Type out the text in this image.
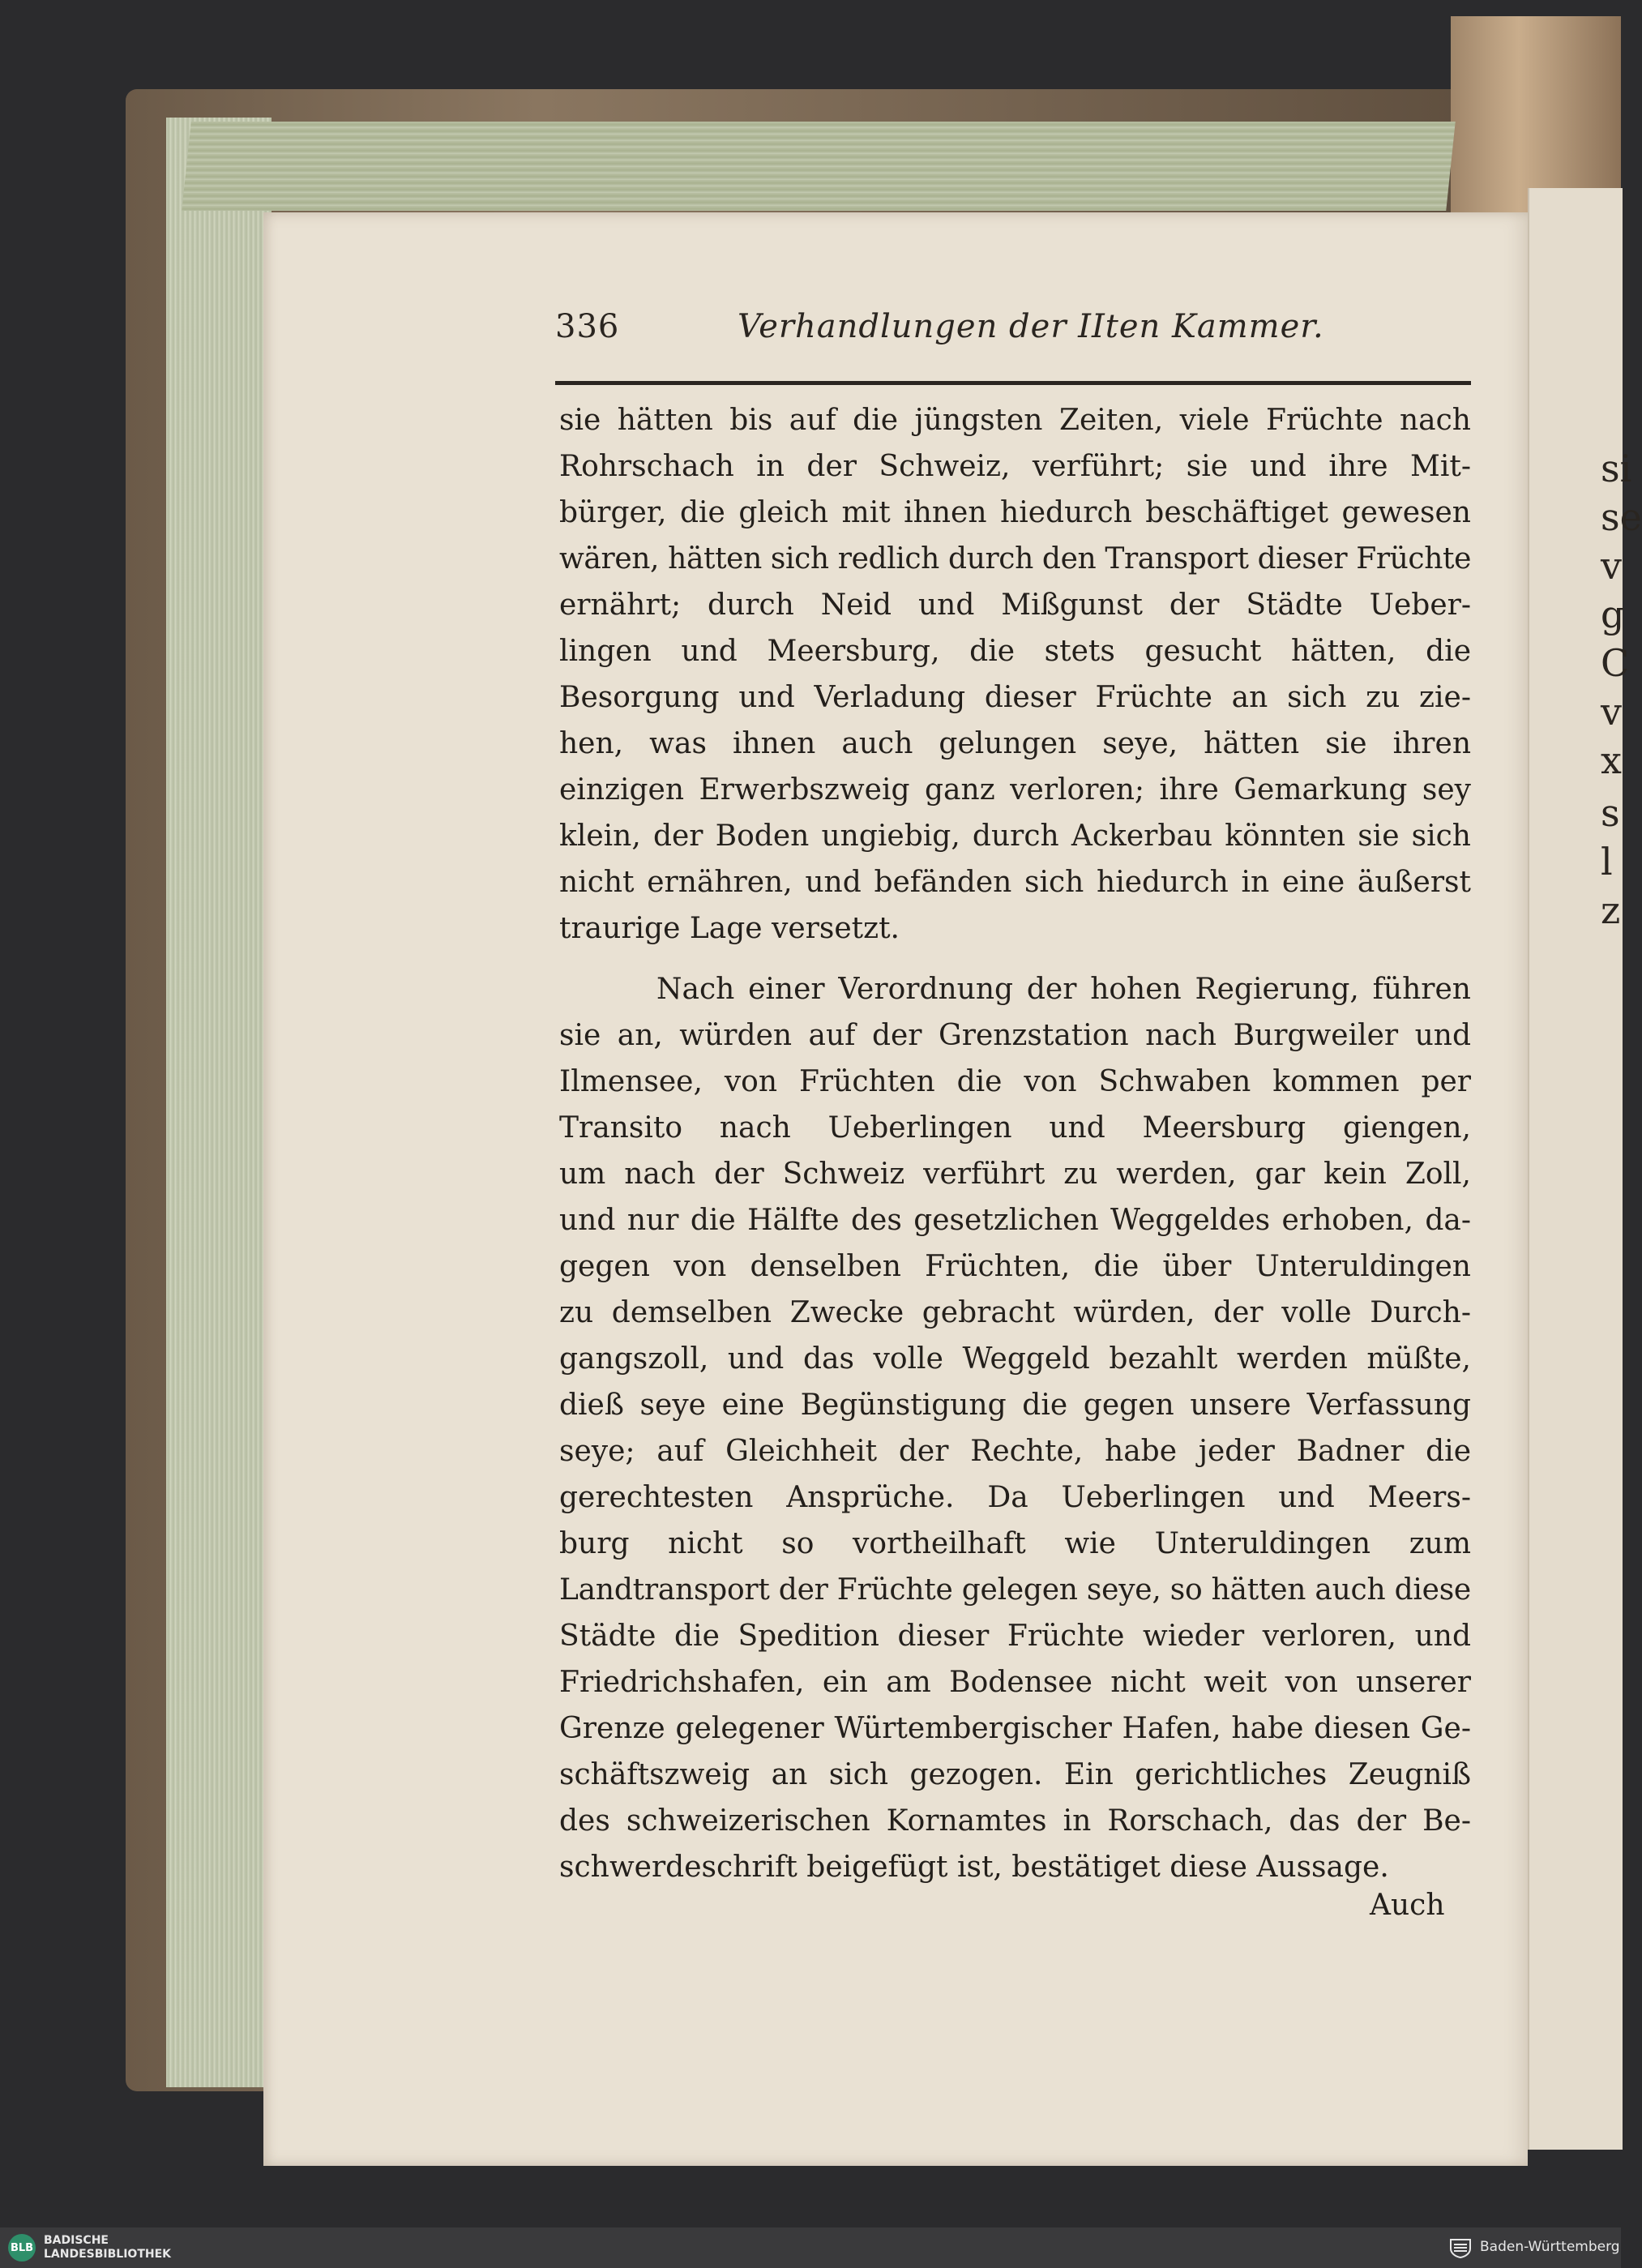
si
se
v
g
C
v
x
s
l
z
336	Verhandlungen der IIten Kammer.
sie hätten bis auf die jüngsten Zeiten, viele Früchte nach
Rohrschach in der Schweiz, verführt; sie und ihre Mit-
bürger, die gleich mit ihnen hiedurch beschäftiget gewesen
wären, hätten sich redlich durch den Transport dieser Früchte
ernährt; durch Neid und Mißgunst der Städte Ueber-
lingen und Meersburg, die stets gesucht hätten, die
Besorgung und Verladung dieser Früchte an sich zu zie-
hen, was ihnen auch gelungen seye, hätten sie ihren
einzigen Erwerbszweig ganz verloren; ihre Gemarkung sey
klein, der Boden ungiebig, durch Ackerbau könnten sie sich
nicht ernähren, und befänden sich hiedurch in eine äußerst
traurige Lage versetzt.
Nach einer Verordnung der hohen Regierung, führen
sie an, würden auf der Grenzstation nach Burgweiler und
Ilmensee, von Früchten die von Schwaben kommen per
Transito nach Ueberlingen und Meersburg giengen,
um nach der Schweiz verführt zu werden, gar kein Zoll,
und nur die Hälfte des gesetzlichen Weggeldes erhoben, da-
gegen von denselben Früchten, die über Unteruldingen
zu demselben Zwecke gebracht würden, der volle Durch-
gangszoll, und das volle Weggeld bezahlt werden müßte,
dieß seye eine Begünstigung die gegen unsere Verfassung
seye; auf Gleichheit der Rechte, habe jeder Badner die
gerechtesten Ansprüche. Da Ueberlingen und Meers-
burg nicht so vortheilhaft wie Unteruldingen zum
Landtransport der Früchte gelegen seye, so hätten auch diese
Städte die Spedition dieser Früchte wieder verloren, und
Friedrichshafen, ein am Bodensee nicht weit von unserer
Grenze gelegener Würtembergischer Hafen, habe diesen Ge-
schäftszweig an sich gezogen. Ein gerichtliches Zeugniß
des schweizerischen Kornamtes in Rorschach, das der Be-
schwerdeschrift beigefügt ist, bestätiget diese Aussage.
Auch
BLB
BADISCHE
LANDESBIBLIOTHEK	Baden-Württemberg
